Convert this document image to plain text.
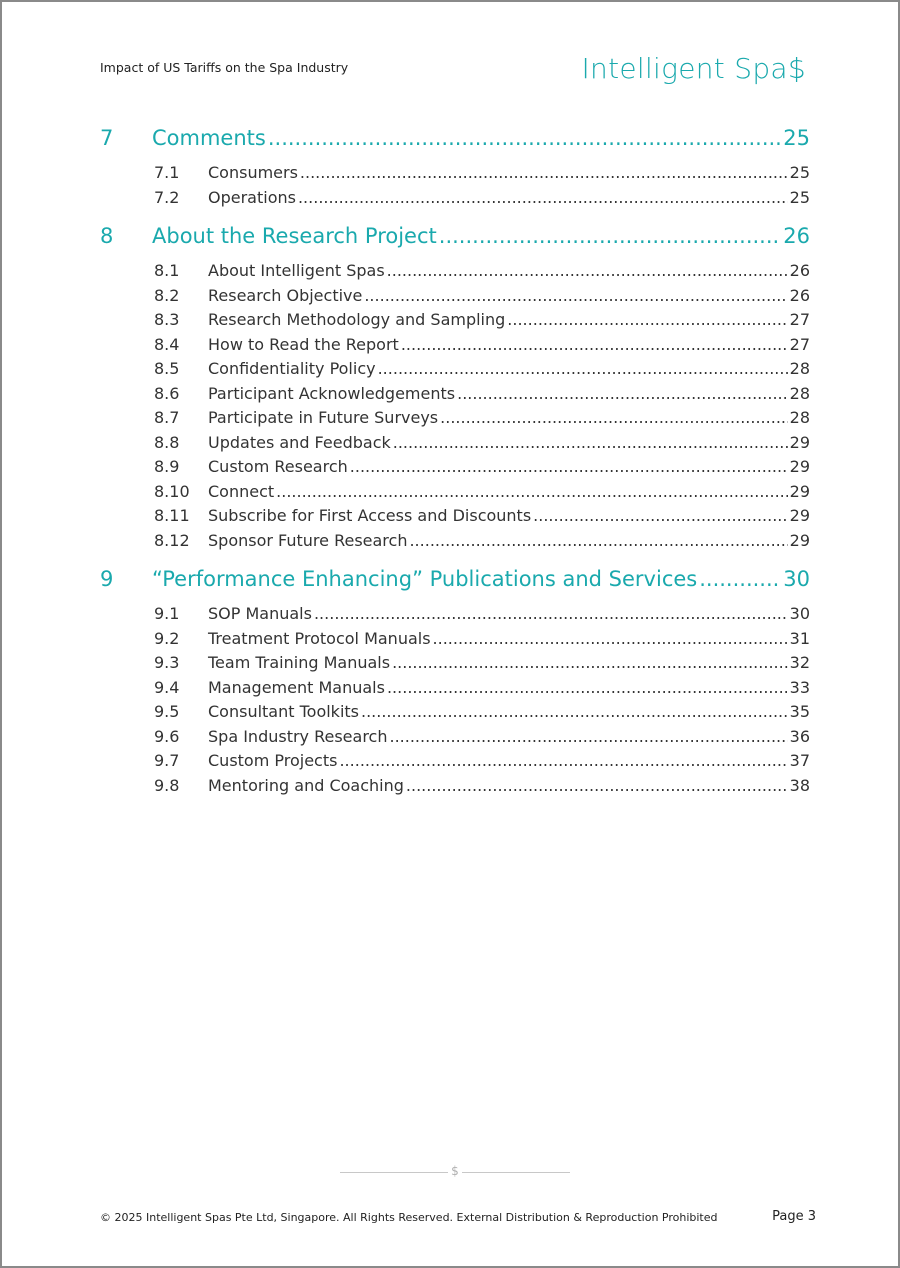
Impact of US Tariffs on the Spa Industry	Intelligent Spa$
7	Comments .....	25
7.1	Consumers .....	25
7.2	Operations .....	25
8	About the Research Project .....	26
8.1	About Intelligent Spas .....	26
8.2	Research Objective .....	26
8.3	Research Methodology and Sampling .....	27
8.4	How to Read the Report .....	27
8.5	Confidentiality Policy .....	28
8.6	Participant Acknowledgements .....	28
8.7	Participate in Future Surveys .....	28
8.8	Updates and Feedback .....	29
8.9	Custom Research .....	29
8.10	Connect .....	29
8.11	Subscribe for First Access and Discounts .....	29
8.12	Sponsor Future Research .....	29
9	“Performance Enhancing” Publications and Services .....	30
9.1	SOP Manuals .....	30
9.2	Treatment Protocol Manuals .....	31
9.3	Team Training Manuals .....	32
9.4	Management Manuals .....	33
9.5	Consultant Toolkits .....	35
9.6	Spa Industry Research .....	36
9.7	Custom Projects .....	37
9.8	Mentoring and Coaching .....	38
$
© 2025 Intelligent Spas Pte Ltd, Singapore. All Rights Reserved. External Distribution & Reproduction Prohibited	Page 3
